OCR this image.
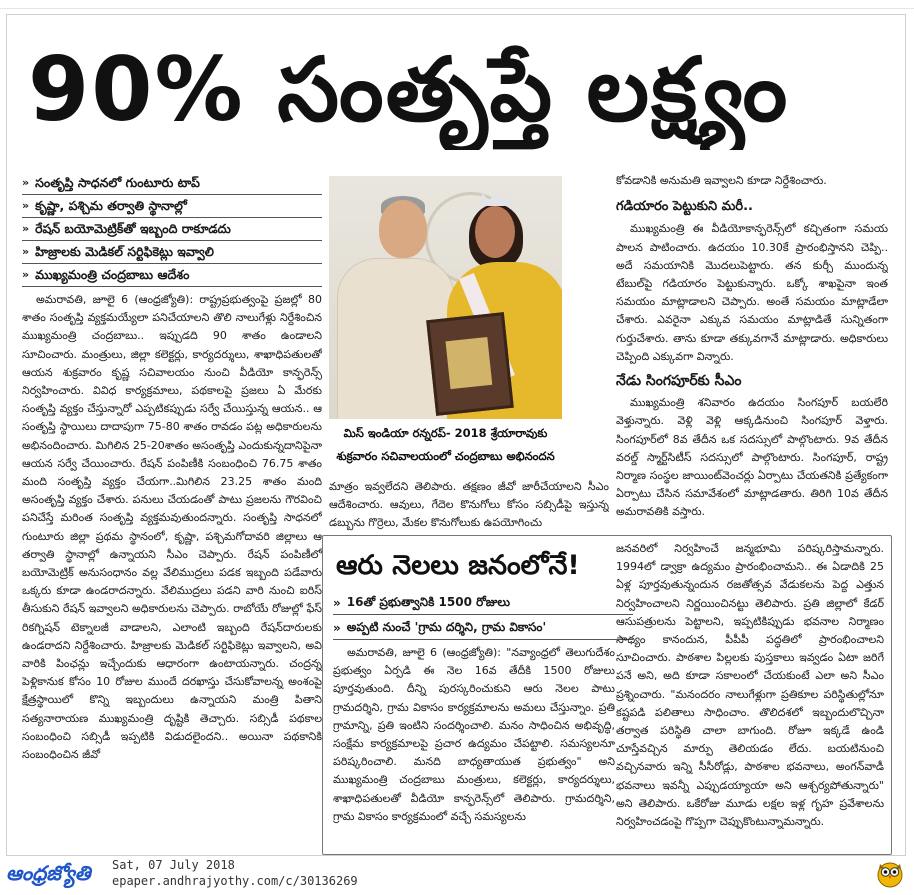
90% సంతృప్తే లక్ష్యం
» సంతృప్తి సాధనలో గుంటూరు టాప్
» కృష్ణా, పశ్చిమ తర్వాతి స్థానాల్లో
» రేషన్ బయోమెట్రిక్‌తో ఇబ్బంది రాకూడదు
» హిజ్రాలకు మెడికల్ సర్టిఫికెట్లు ఇవ్వాలి
» ముఖ్యమంత్రి చంద్రబాబు ఆదేశం

అమరావతి, జూలై 6 (ఆంధ్రజ్యోతి): రాష్ట్రప్రభుత్వంపై ప్రజల్లో 80 శాతం సంతృప్తి వ్యక్తమయ్యేలా పనిచేయాలని తొలి నాలుగేళ్లు నిర్దేశించిన ముఖ్యమంత్రి చంద్రబాబు.. ఇప్పుడది 90 శాతం ఉండాలని సూచించారు. మంత్రులు, జిల్లా కలెక్టర్లు, కార్యదర్శులు, శాఖాధిపతులతో ఆయన శుక్రవారం కృష్ణ సచివాలయం నుంచి వీడియో కాన్ఫరెన్స్ నిర్వహించారు. వివిధ కార్యక్రమాలు, పథకాలపై ప్రజలు ఏ మేరకు సంతృప్తి వ్యక్తం చేస్తున్నారో ఎప్పటికప్పుడు సర్వే చేయిస్తున్న ఆయన.. ఆ సంతృప్తి స్థాయిలు దాదాపుగా 75-80 శాతం రావడం పట్ల అధికారులను అభినందించారు. మిగిలిన 25-20శాతం అసంతృప్తి ఎందుకున్నదానిపైనా ఆయన సర్వే చేయించారు. రేషన్ పంపిణీకి సంబంధించి 76.75 శాతం మంది సంతృప్తి వ్యక్తం చేయగా..మిగిలిన 23.25 శాతం మంది అసంతృప్తి వ్యక్తం చేశారు. పనులు చేయడంతో పాటు ప్రజలను గౌరవించి పనిచేస్తే మరింత సంతృప్తి వ్యక్తమవుతుందన్నారు. సంతృప్తి సాధనలో గుంటూరు జిల్లా ప్రథమ స్థానంలో, కృష్ణా, పశ్చిమగోదావరి జిల్లాలు ఆ తర్వాతి స్థానాల్లో ఉన్నాయని సీఎం చెప్పారు. రేషన్ పంపిణీలో బయోమెట్రిక్ అనుసంధానం వల్ల వేలిముద్రలు పడక ఇబ్బంది పడేవారు ఒక్కరు కూడా ఉండరాదన్నారు. వేలిముద్రలు పడని వారి నుంచి ఐరిస్ తీసుకుని రేషన్ ఇవ్వాలని అధికారులను చెప్పారు. రాబోయే రోజుల్లో ఫేస్ రికగ్నిషన్ టెక్నాలజీ వాడాలని, ఎలాంటి ఇబ్బంది రేషన్‌దారులకు ఉండరాదని నిర్దేశించారు. హిజ్రాలకు మెడికల్ సర్టిఫికెట్లు ఇవ్వాలని, అవి వారికి పింఛన్లు ఇచ్చేందుకు ఆధారంగా ఉంటాయన్నారు. చంద్రన్న పెళ్లికానుక కోసం 10 రోజుల ముందే దరఖాస్తు చేసుకోవాలన్న అంశంపై క్షేత్రస్థాయిలో కొన్ని ఇబ్బందులు ఉన్నాయని మంత్రి పితాని సత్యనారాయణ ముఖ్యమంత్రి దృష్టికి తెచ్చారు. సబ్సిడీ పథకాల సంబంధించి సబ్సిడీ ఇప్పటికి విడుదలైందని.. అయినా పథకానికి సంబంధించిన జీవో

మిస్ ఇండియా రన్నరప్‌- 2018 శ్రేయారావుకు శుక్రవారం సచివాలయంలో చంద్రబాబు అభినందన

మాత్రం ఇవ్వలేదని తెలిపారు. తక్షణం జీవో జారీచేయాలని సీఎం ఆదేశించారు. ఆవులు, గేదెల కొనుగోలు కోసం సబ్సిడీపై ఇస్తున్న డబ్బును గొర్రెలు, మేకల కొనుగోలుకు ఉపయోగించు

కోవడానికి అనుమతి ఇవ్వాలని కూడా నిర్దేశించారు.

గడియారం పెట్టుకుని మరీ..

ముఖ్యమంత్రి ఈ వీడియోకాన్ఫరెన్స్‌లో కచ్చితంగా సమయ పాలన పాటించారు. ఉదయం 10.30కే ప్రారంభిస్తానని చెప్పి.. అదే సమయానికి మొదలుపెట్టారు. తన కుర్చీ ముందున్న టేబుల్‌పై గడియారం పెట్టుకున్నారు. ఒక్కో శాఖపైనా ఇంత సమయం మాట్లాడాలని చెప్పారు. అంతే సమయం మాట్లాడేలా చేశారు. ఎవరైనా ఎక్కువ సమయం మాట్లాడితే సున్నితంగా గుర్తుచేశారు. తాను కూడా తక్కువగానే మాట్లాడారు. అధికారులు చెప్పింది ఎక్కువగా విన్నారు.

నేడు సింగపూర్‌కు సీఎం

ముఖ్యమంత్రి శనివారం ఉదయం సింగపూర్ బయలేరి వెళ్తున్నారు. వెళ్లి వెళ్లి ఆక్కడినుంచి సింగపూర్ వెళ్తారు. సింగపూర్‌లో 8వ తేదీన ఒక సదస్సులో పాల్గొంటారు. 9వ తేదీన వరల్డ్ స్మార్ట్‌సిటీస్ సదస్సులో పాల్గొంటారు. సింగపూర్, రాష్ట్ర నిర్మాణ సంస్థల జాయింట్‌వెంచర్లు ఏర్పాటు చేయతనికి ప్రత్యేకంగా ఏర్పాటు చేసిన సమావేశంలో మాట్లాడతారు. తిరిగి 10వ తేదీన అమరావతికి వస్తారు.

ఆరు నెలలు జనంలోనే!
» 16తో ప్రభుత్వానికి 1500 రోజులు
» అప్పటి నుంచే 'గ్రామ దర్శిని, గ్రామ వికాసం'

అమరావతి, జూలై 6 (ఆంధ్రజ్యోతి): "నవ్యాంధ్రలో తెలుగుదేశం ప్రభుత్వం ఏర్పడి ఈ నెల 16వ తేదీకి 1500 రోజులు పూర్తవుతుంది. దీన్ని పురస్కరించుకుని ఆరు నెలల పాటు గ్రామదర్శిని, గ్రామ వికాసం కార్యక్రమాలను అమలు చేస్తున్నాం. ప్రతి గ్రామాన్ని, ప్రతి ఇంటిని సందర్శించాలి. మనం సాధించిన అభివృద్ధి, సంక్షేమ కార్యక్రమాలపై ప్రచార ఉద్యమం చేపట్టాలి. సమస్యలనూ పరిష్కరించాలి. మనది బాధ్యతాయుత ప్రభుత్వం" అని ముఖ్యమంత్రి చంద్రబాబు మంత్రులు, కలెక్టర్లు, కార్యదర్శులు, శాఖాధిపతులతో వీడియో కాన్ఫరెన్స్‌లో తెలిపారు. గ్రామదర్శిని, గ్రామ వికాసం కార్యక్రమంలో వచ్చే సమస్యలను

జనవరిలో నిర్వహించే జన్మభూమి పరిష్కరిస్తామన్నారు. 1994లో డ్వాక్రా ఉద్యమం ప్రారంభించామని.. ఈ ఏడాదికి 25 ఏళ్ల పూర్తవుతున్నందున రజతోత్సవ వేడుకలను పెద్ద ఎత్తున నిర్వహించాలని నిర్ణయించినట్టు తెలిపారు. ప్రతి జిల్లాలో కేడర్ ఆసుపత్రులను పెట్టాలని, ఇప్పటికిప్పుడు భవనాల నిర్మాణం సాధ్యం కానందున, పీపీపీ పద్ధతిలో ప్రారంభించాలని సూచించారు. పాఠశాల పిల్లలకు పుస్తకాలు ఇవ్వడం ఏటా జరిగే పనే అని, అది కూడా సకాలంలో చేయకుంటే ఎలా అని సీఎం ప్రశ్నించారు. "మనందరం నాలుగేళ్లుగా ప్రతికూల పరిస్థితుల్లోనూ కష్టపడి పలితాలు సాధించాం. తొలిదశలో ఇబ్బందులొచ్చినా తర్వాత పరిస్థితి చాలా బాగుంది. రోజూ ఇక్కడే ఉండి చూస్తేవచ్చిన మార్పు తెలియడం లేదు. బయటినుంచి వచ్చినవారు ఇన్ని సీసీరోడ్లు, పాఠశాల భవనాలు, అంగన్‌వాడీ భవనాలు ఇవన్నీ ఎప్పుడయ్యాయా అని ఆశ్చర్యపోతున్నారు" అని తెలిపారు. ఒకేరోజు మూడు లక్షల ఇళ్ల గృహ ప్రవేశాలను నిర్వహించడంపై గొప్పగా చెప్పుకొంటున్నామన్నారు.

ఆంధ్రజ్యోతి	Sat, 07 July 2018
epaper.andhrajyothy.com/c/30136269
